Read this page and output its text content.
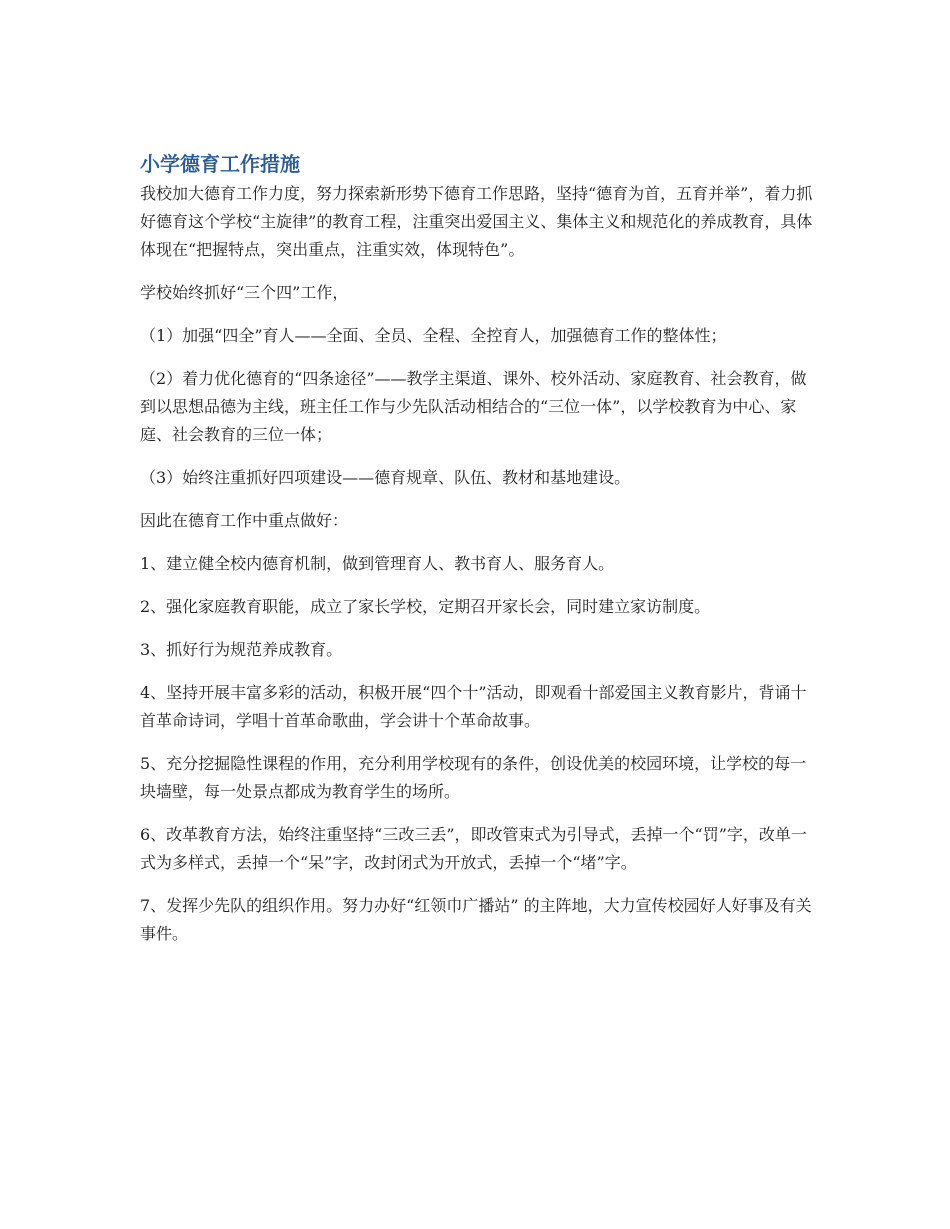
小学德育工作措施

我校加大德育工作力度，努力探索新形势下德育工作思路，坚持“德育为首，五育并举”，着力抓好德育这个学校“主旋律”的教育工程，注重突出爱国主义、集体主义和规范化的养成教育，具体体现在“把握特点，突出重点，注重实效，体现特色”。

学校始终抓好“三个四”工作，

（1）加强“四全”育人——全面、全员、全程、全控育人，加强德育工作的整体性；

（2）着力优化德育的“四条途径”——教学主渠道、课外、校外活动、家庭教育、社会教育，做到以思想品德为主线，班主任工作与少先队活动相结合的“三位一体”，以学校教育为中心、家庭、社会教育的三位一体；

（3）始终注重抓好四项建设——德育规章、队伍、教材和基地建设。

因此在德育工作中重点做好：

1、建立健全校内德育机制，做到管理育人、教书育人、服务育人。

2、强化家庭教育职能，成立了家长学校，定期召开家长会，同时建立家访制度。

3、抓好行为规范养成教育。

4、坚持开展丰富多彩的活动，积极开展“四个十”活动，即观看十部爱国主义教育影片，背诵十首革命诗词，学唱十首革命歌曲，学会讲十个革命故事。

5、充分挖掘隐性课程的作用，充分利用学校现有的条件，创设优美的校园环境，让学校的每一块墙壁，每一处景点都成为教育学生的场所。

6、改革教育方法，始终注重坚持“三改三丢”，即改管束式为引导式，丢掉一个“罚”字，改单一式为多样式，丢掉一个“呆”字，改封闭式为开放式，丢掉一个“堵”字。

7、发挥少先队的组织作用。努力办好“红领巾广播站” 的主阵地，大力宣传校园好人好事及有关事件。
